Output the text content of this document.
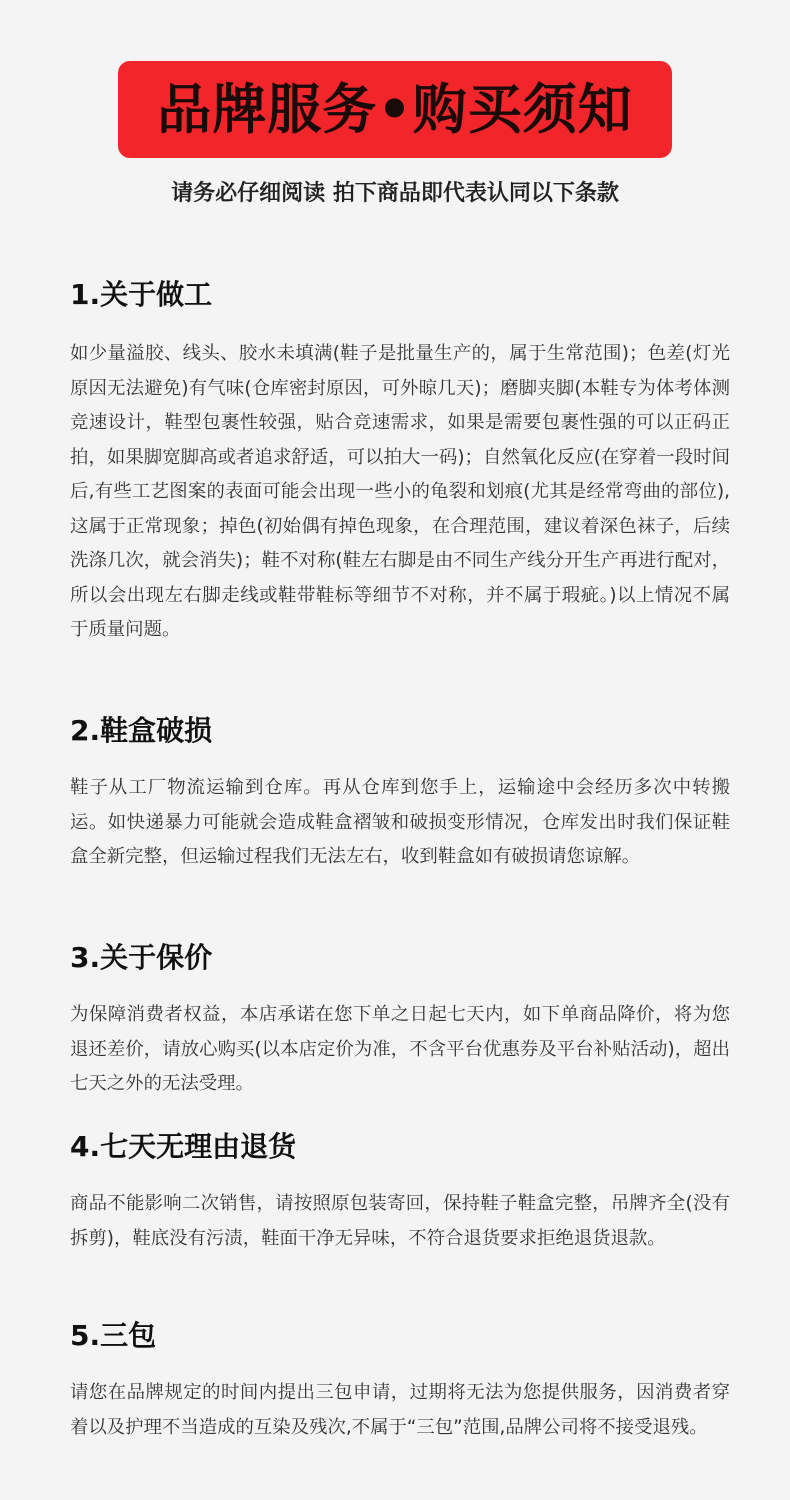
品牌服务•购买须知
请务必仔细阅读 拍下商品即代表认同以下条款
1.关于做工

如少量溢胶、线头、胶水未填满(鞋子是批量生产的，属于生常范围)；色差(灯光原因无法避免)有气味(仓库密封原因，可外晾几天)；磨脚夹脚(本鞋专为体考体测竞速设计，鞋型包裹性较强，贴合竞速需求，如果是需要包裹性强的可以正码正拍，如果脚宽脚高或者追求舒适，可以拍大一码)；自然氧化反应(在穿着一段时间后,有些工艺图案的表面可能会出现一些小的龟裂和划痕(尤其是经常弯曲的部位),这属于正常现象；掉色(初始偶有掉色现象，在合理范围，建议着深色袜子，后续洗涤几次，就会消失)；鞋不对称(鞋左右脚是由不同生产线分开生产再进行配对，所以会出现左右脚走线或鞋带鞋标等细节不对称，并不属于瑕疵。)以上情况不属于质量问题。

2.鞋盒破损

鞋子从工厂物流运输到仓库。再从仓库到您手上，运输途中会经历多次中转搬运。如快递暴力可能就会造成鞋盒褶皱和破损变形情况，仓库发出时我们保证鞋盒全新完整，但运输过程我们无法左右，收到鞋盒如有破损请您谅解。

3.关于保价

为保障消费者权益，本店承诺在您下单之日起七天内，如下单商品降价，将为您退还差价，请放心购买(以本店定价为准，不含平台优惠券及平台补贴活动)，超出七天之外的无法受理。

4.七天无理由退货

商品不能影响二次销售，请按照原包装寄回，保持鞋子鞋盒完整，吊牌齐全(没有拆剪)，鞋底没有污渍，鞋面干净无异味，不符合退货要求拒绝退货退款。

5.三包

请您在品牌规定的时间内提出三包申请，过期将无法为您提供服务，因消费者穿着以及护理不当造成的互染及残次,不属于“三包”范围,品牌公司将不接受退残。
